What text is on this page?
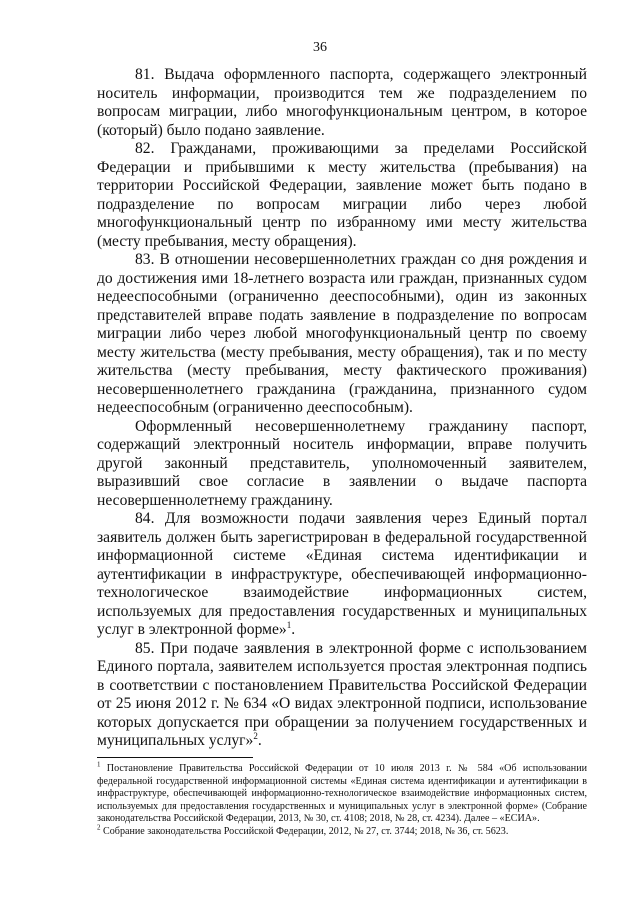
36

81. Выдача оформленного паспорта, содержащего электронный носитель информации, производится тем же подразделением по вопросам миграции, либо многофункциональным центром, в которое (который) было подано заявление.

82. Гражданами, проживающими за пределами Российской Федерации и прибывшими к месту жительства (пребывания) на территории Российской Федерации, заявление может быть подано в подразделение по вопросам миграции либо через любой многофункциональный центр по избранному ими месту жительства (месту пребывания, месту обращения).

83. В отношении несовершеннолетних граждан со дня рождения и до достижения ими 18-летнего возраста или граждан, признанных судом недееспособными (ограниченно дееспособными), один из законных представителей вправе подать заявление в подразделение по вопросам миграции либо через любой многофункциональный центр по своему месту жительства (месту пребывания, месту обращения), так и по месту жительства (месту пребывания, месту фактического проживания) несовершеннолетнего гражданина (гражданина, признанного судом недееспособным (ограниченно дееспособным).

Оформленный несовершеннолетнему гражданину паспорт, содержащий электронный носитель информации, вправе получить другой законный представитель, уполномоченный заявителем, выразивший свое согласие в заявлении о выдаче паспорта несовершеннолетнему гражданину.

84. Для возможности подачи заявления через Единый портал заявитель должен быть зарегистрирован в федеральной государственной информационной системе «Единая система идентификации и аутентификации в инфраструктуре, обеспечивающей информационно-технологическое взаимодействие информационных систем, используемых для предоставления государственных и муниципальных услуг в электронной форме»$^1$.

85. При подаче заявления в электронной форме с использованием Единого портала, заявителем используется простая электронная подпись в соответствии с постановлением Правительства Российской Федерации от 25 июня 2012 г. № 634 «О видах электронной подписи, использование которых допускается при обращении за получением государственных и муниципальных услуг»$^2$.

$^1$ Постановление Правительства Российской Федерации от 10 июля 2013 г. № 584 «Об использовании федеральной государственной информационной системы «Единая система идентификации и аутентификации в инфраструктуре, обеспечивающей информационно-технологическое взаимодействие информационных систем, используемых для предоставления государственных и муниципальных услуг в электронной форме» (Собрание законодательства Российской Федерации, 2013, № 30, ст. 4108; 2018, № 28, ст. 4234). Далее – «ЕСИА».

$^2$ Собрание законодательства Российской Федерации, 2012, № 27, ст. 3744; 2018, № 36, ст. 5623.
